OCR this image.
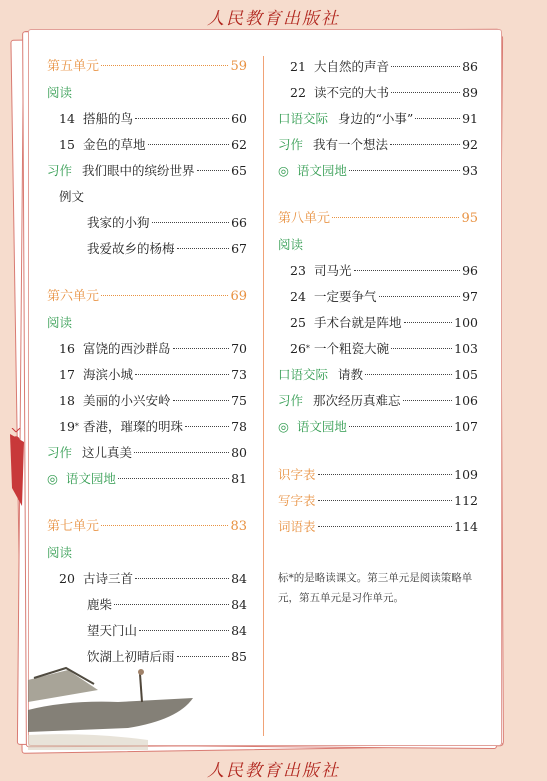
人民教育出版社
第五单元	59
阅读
14 搭船的鸟	60
15 金色的草地	62
习作 我们眼中的缤纷世界	65
例文
我家的小狗	66
我爱故乡的杨梅	67
第六单元	69
阅读
16 富饶的西沙群岛	70
17 海滨小城	73
18 美丽的小兴安岭	75
19* 香港，璀璨的明珠	78
习作 这儿真美	80
◎ 语文园地	81
第七单元	83
阅读
20 古诗三首	84
鹿柴	84
望天门山	84
饮湖上初晴后雨	85
21 大自然的声音	86
22 读不完的大书	89
口语交际 身边的“小事”	91
习作 我有一个想法	92
◎ 语文园地	93
第八单元	95
阅读
23 司马光	96
24 一定要争气	97
25 手术台就是阵地	100
26* 一个粗瓷大碗	103
口语交际 请教	105
习作 那次经历真难忘	106
◎ 语文园地	107
识字表	109
写字表	112
词语表	114
标*的是略读课文。第三单元是阅读策略单元，第五单元是习作单元。
人民教育出版社
